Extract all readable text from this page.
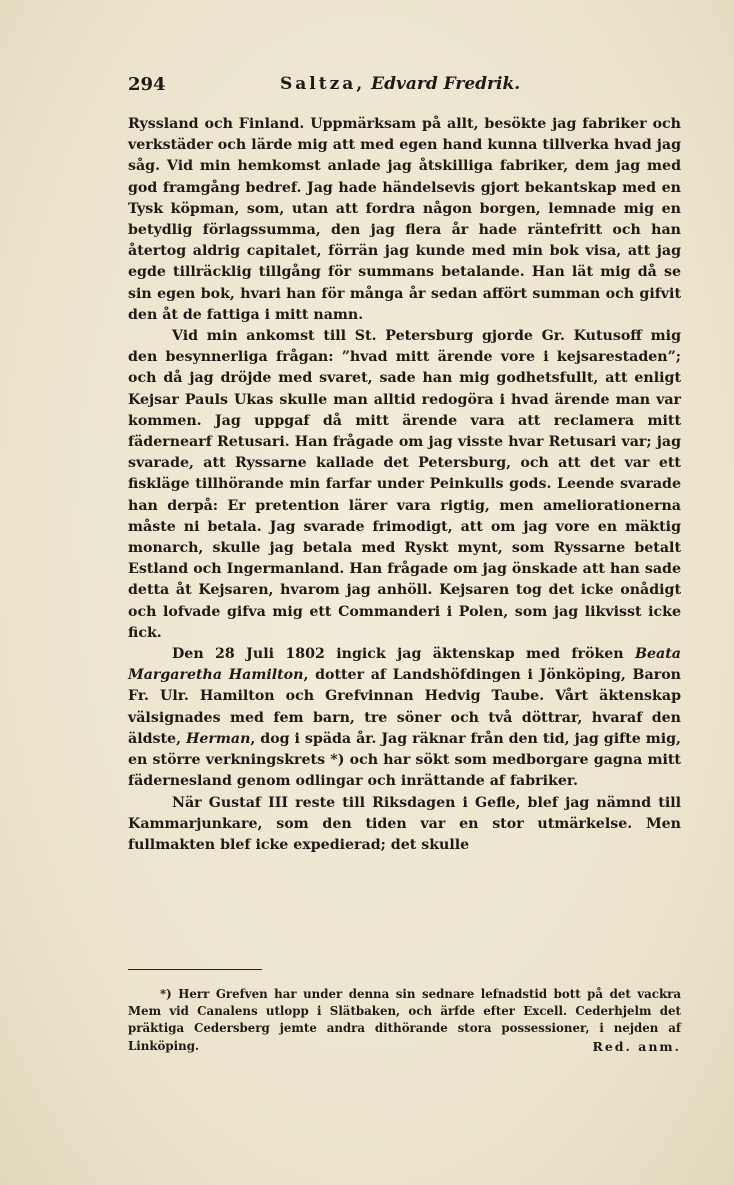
294	Saltza, Edvard Fredrik.

Ryssland och Finland. Uppmärksam på allt, besökte jag fabriker och verkstäder och lärde mig att med egen hand kunna tillverka hvad jag såg. Vid min hemkomst anlade jag åtskilliga fabriker, dem jag med god framgång bedref. Jag hade händelsevis gjort bekantskap med en Tysk köpman, som, utan att fordra någon borgen, lemnade mig en betydlig förlagssumma, den jag flera år hade räntefritt och han återtog aldrig capitalet, förrän jag kunde med min bok visa, att jag egde tillräcklig tillgång för summans betalande. Han lät mig då se sin egen bok, hvari han för många år sedan affört summan och gifvit den åt de fattiga i mitt namn.

Vid min ankomst till St. Petersburg gjorde Gr. Kutusoff mig den besynnerliga frågan: ”hvad mitt ärende vore i kejsarestaden”; och då jag dröjde med svaret, sade han mig godhetsfullt, att enligt Kejsar Pauls Ukas skulle man alltid redogöra i hvad ärende man var kommen. Jag uppgaf då mitt ärende vara att reclamera mitt fädernearf Retusari. Han frågade om jag visste hvar Retusari var; jag svarade, att Ryssarne kallade det Petersburg, och att det var ett fiskläge tillhörande min farfar under Peinkulls gods. Leende svarade han derpå: Er pretention lärer vara rigtig, men ameliorationerna måste ni betala. Jag svarade frimodigt, att om jag vore en mäktig monarch, skulle jag betala med Ryskt mynt, som Ryssarne betalt Estland och Ingermanland. Han frågade om jag önskade att han sade detta åt Kejsaren, hvarom jag anhöll. Kejsaren tog det icke onådigt och lofvade gifva mig ett Commanderi i Polen, som jag likvisst icke fick.

Den 28 Juli 1802 ingick jag äktenskap med fröken Beata Margaretha Hamilton, dotter af Landshöfdingen i Jönköping, Baron Fr. Ulr. Hamilton och Grefvinnan Hedvig Taube. Vårt äktenskap välsignades med fem barn, tre söner och två döttrar, hvaraf den äldste, Herman, dog i späda år. Jag räknar från den tid, jag gifte mig, en större verkningskrets *) och har sökt som medborgare gagna mitt fädernesland genom odlingar och inrättande af fabriker.

När Gustaf III reste till Riksdagen i Gefle, blef jag nämnd till Kammarjunkare, som den tiden var en stor utmärkelse. Men fullmakten blef icke expedierad; det skulle

*) Herr Grefven har under denna sin sednare lefnadstid bott på det vackra Mem vid Canalens utlopp i Slätbaken, och ärfde efter Excell. Cederhjelm det präktiga Cedersberg jemte andra dithörande stora possessioner, i nejden af Linköping.	Red. anm.
